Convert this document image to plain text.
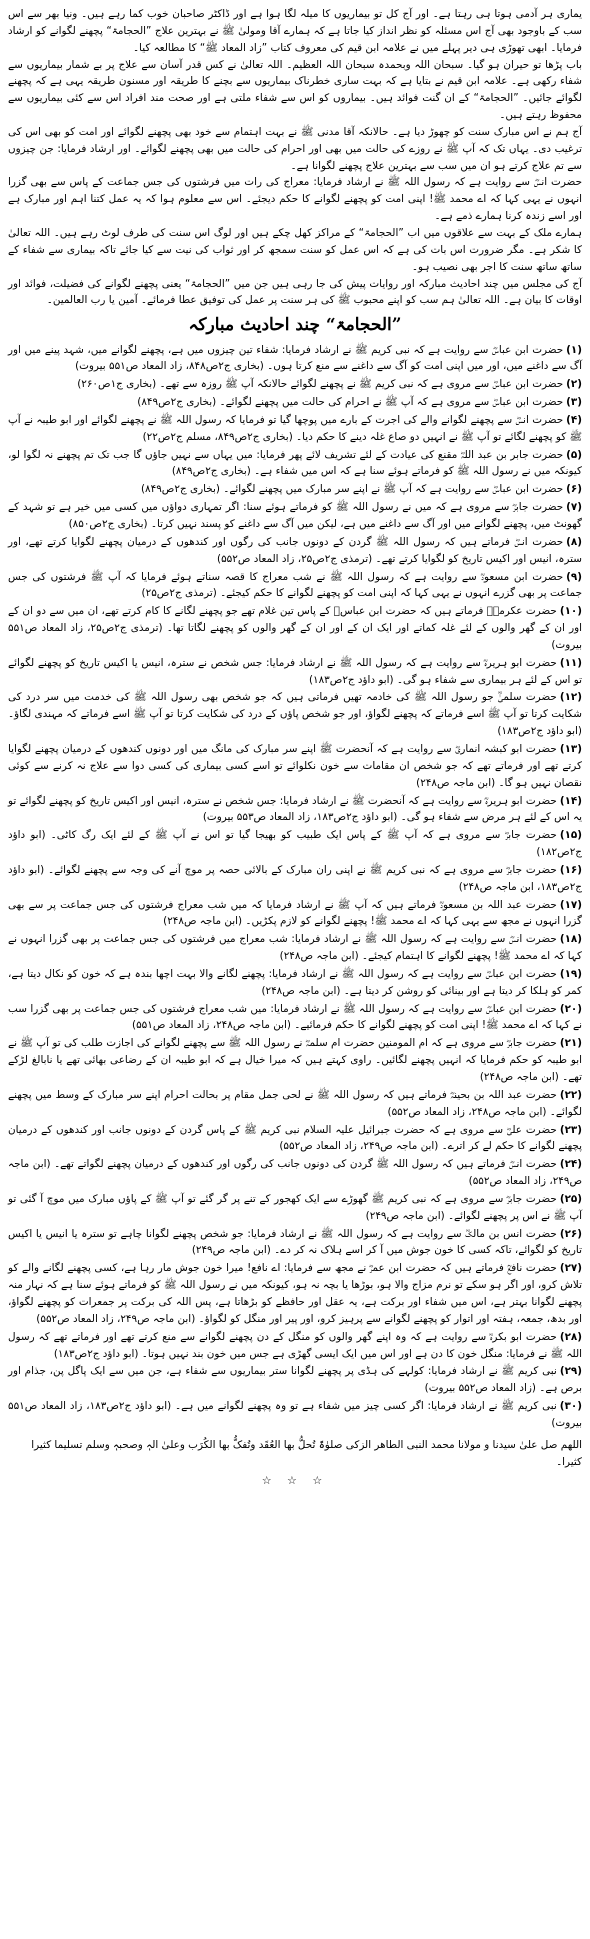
یماری ہر آدمی ہوتا ہی رہتا ہے۔ اور آج کل تو بیماریوں کا میلہ لگا ہوا ہے اور ڈاکٹر صاحبان خوب کما رہے ہیں۔ ونیا بھر سے اس سب کے باوجود بھی آج اس مسئلہ کو نظر انداز کیا جاتا ہے کہ ہمارے آقا ومولیٰ ﷺ نے بہترین علاج ”الحجامۃ“ پچھنے لگوانے کو ارشاد فرمایا۔ ابھی تھوڑی ہی دیر پہلے میں نے علامہ ابن قیم کی معروف کتاب ”زاد المعاد ﷺ“ کا مطالعہ کیا۔

باب پڑھا تو حیران ہو گیا۔ سبحان اللہ وبحمدہ سبحان اللہ العظیم۔ اللہ تعالیٰ نے کس قدر آسان سے علاج پر بے شمار بیماریوں سے شفاء رکھی ہے۔ علامہ ابن قیم نے بتایا ہے کہ بہت ساری خطرناک بیماریوں سے بچنے کا طریقہ اور مسنون طریقہ یہی ہے کہ پچھنے لگوائے جائیں۔ ”الحجامۃ“ کے ان گنت فوائد ہیں۔ بیماروں کو اس سے شفاء ملتی ہے اور صحت مند افراد اس سے کئی بیماریوں سے محفوظ رہتے ہیں۔

آج ہم نے اس مبارک سنت کو چھوڑ دیا ہے۔ حالانکہ آقا مدنی ﷺ نے بہت اہتمام سے خود بھی پچھنے لگوائے اور امت کو بھی اس کی ترغیب دی۔ یہاں تک کہ آپ ﷺ نے روزے کی حالت میں بھی اور احرام کی حالت میں بھی پچھنے لگوائے۔ اور ارشاد فرمایا: جن چیزوں سے تم علاج کرتے ہو ان میں سب سے بہترین علاج پچھنے لگوانا ہے۔

حضرت انسؓ سے روایت ہے کہ رسول اللہ ﷺ نے ارشاد فرمایا: معراج کی رات میں فرشتوں کی جس جماعت کے پاس سے بھی گزرا انہوں نے یہی کہا کہ اے محمد ﷺ! اپنی امت کو پچھنے لگوانے کا حکم دیجئے۔ اس سے معلوم ہوا کہ یہ عمل کتنا اہم اور مبارک ہے اور اسے زندہ کرنا ہمارے ذمے ہے۔

ہمارے ملک کے بہت سے علاقوں میں اب ”الحجامۃ“ کے مراکز کھل چکے ہیں اور لوگ اس سنت کی طرف لوٹ رہے ہیں۔ اللہ تعالیٰ کا شکر ہے۔ مگر ضرورت اس بات کی ہے کہ اس عمل کو سنت سمجھ کر اور ثواب کی نیت سے کیا جائے تاکہ بیماری سے شفاء کے ساتھ ساتھ سنت کا اجر بھی نصیب ہو۔

آج کی مجلس میں چند احادیث مبارکہ اور روایات پیش کی جا رہی ہیں جن میں ”الحجامۃ“ یعنی پچھنے لگوانے کی فضیلت، فوائد اور اوقات کا بیان ہے۔ اللہ تعالیٰ ہم سب کو اپنے محبوب ﷺ کی ہر سنت پر عمل کی توفیق عطا فرمائے۔ آمین یا رب العالمین۔

”الحجامۃ“ چند احادیث مبارکہ
(۱)حضرت ابن عباسؓ سے روایت ہے کہ نبی کریم ﷺ نے ارشاد فرمایا: شفاء تین چیزوں میں ہے، پچھنے لگوانے میں، شہد پینے میں اور آگ سے داغنے میں، اور میں اپنی امت کو آگ سے داغنے سے منع کرتا ہوں۔ (بخاری ج۲ص۸۴۸، زاد المعاد ص۵۵۱ بیروت)
(۲)حضرت ابن عباسؓ سے مروی ہے کہ نبی کریم ﷺ نے پچھنے لگوائے حالانکہ آپ ﷺ روزہ سے تھے۔ (بخاری ج۱ص۲۶۰)
(۳)حضرت ابن عباسؓ سے مروی ہے کہ آپ ﷺ نے احرام کی حالت میں پچھنے لگوائے۔ (بخاری ج۲ص۸۴۹)
(۴)حضرت انسؓ سے پچھنے لگوانے والے کی اجرت کے بارے میں پوچھا گیا تو فرمایا کہ رسول اللہ ﷺ نے پچھنے لگوائے اور ابو طیبہ نے آپ ﷺ کو پچھنے لگائے تو آپ ﷺ نے انہیں دو صاع غلہ دینے کا حکم دیا۔ (بخاری ج۲ص۸۴۹، مسلم ج۲ص۲۲)
(۵)حضرت جابر بن عبد اللہؓ مقنع کی عیادت کے لئے تشریف لائے پھر فرمایا: میں یہاں سے نہیں جاؤں گا جب تک تم پچھنے نہ لگوا لو، کیونکہ میں نے رسول اللہ ﷺ کو فرماتے ہوئے سنا ہے کہ اس میں شفاء ہے۔ (بخاری ج۲ص۸۴۹)
(۶)حضرت ابن عباسؓ سے روایت ہے کہ آپ ﷺ نے اپنے سر مبارک میں پچھنے لگوائے۔ (بخاری ج۲ص۸۴۹)
(۷)حضرت جابرؓ سے مروی ہے کہ میں نے رسول اللہ ﷺ کو فرماتے ہوئے سنا: اگر تمہاری دواؤں میں کسی میں خیر ہے تو شہد کے گھونٹ میں، پچھنے لگوانے میں اور آگ سے داغنے میں ہے، لیکن میں آگ سے داغنے کو پسند نہیں کرتا۔ (بخاری ج۲ص۸۵۰)
(۸)حضرت انسؓ فرماتے ہیں کہ رسول اللہ ﷺ گردن کے دونوں جانب کی رگوں اور کندھوں کے درمیان پچھنے لگوایا کرتے تھے، اور سترہ، انیس اور اکیس تاریخ کو لگوایا کرتے تھے۔ (ترمذی ج۲ص۲۵، زاد المعاد ص۵۵۲)
(۹)حضرت ابن مسعودؓ سے روایت ہے کہ رسول اللہ ﷺ نے شب معراج کا قصہ سناتے ہوئے فرمایا کہ آپ ﷺ فرشتوں کی جس جماعت پر بھی گزرے انہوں نے یہی کہا کہ اپنی امت کو پچھنے لگوانے کا حکم کیجئے۔ (ترمذی ج۲ص۲۵)
(۱۰)حضرت عکرمہؒ فرماتے ہیں کہ حضرت ابن عباسؓ کے پاس تین غلام تھے جو پچھنے لگانے کا کام کرتے تھے، ان میں سے دو ان کے اور ان کے گھر والوں کے لئے غلہ کماتے اور ایک ان کے اور ان کے گھر والوں کو پچھنے لگاتا تھا۔ (ترمذی ج۲ص۲۵، زاد المعاد ص۵۵۱ بیروت)
(۱۱)حضرت ابو ہریرہؓ سے روایت ہے کہ رسول اللہ ﷺ نے ارشاد فرمایا: جس شخص نے سترہ، انیس یا اکیس تاریخ کو پچھنے لگوائے تو اس کے لئے ہر بیماری سے شفاء ہو گی۔ (ابو داؤد ج۲ص۱۸۳)
(۱۲)حضرت سلمیٰؓ جو رسول اللہ ﷺ کی خادمہ تھیں فرماتی ہیں کہ جو شخص بھی رسول اللہ ﷺ کی خدمت میں سر درد کی شکایت کرتا تو آپ ﷺ اسے فرماتے کہ پچھنے لگواؤ، اور جو شخص پاؤں کے درد کی شکایت کرتا تو آپ ﷺ اسے فرماتے کہ مہندی لگاؤ۔ (ابو داؤد ج۲ص۱۸۳)
(۱۳)حضرت ابو کبشہ انماریؓ سے روایت ہے کہ آنحضرت ﷺ اپنے سر مبارک کی مانگ میں اور دونوں کندھوں کے درمیان پچھنے لگوایا کرتے تھے اور فرماتے تھے کہ جو شخص ان مقامات سے خون نکلوائے تو اسے کسی بیماری کی کسی دوا سے علاج نہ کرنے سے کوئی نقصان نہیں ہو گا۔ (ابن ماجہ ص۲۴۸)
(۱۴)حضرت ابو ہریرہؓ سے روایت ہے کہ آنحضرت ﷺ نے ارشاد فرمایا: جس شخص نے سترہ، انیس اور اکیس تاریخ کو پچھنے لگوائے تو یہ اس کے لئے ہر مرض سے شفاء ہو گی۔ (ابو داؤد ج۲ص۱۸۳، زاد المعاد ص۵۵۳ بیروت)
(۱۵)حضرت جابرؓ سے مروی ہے کہ آپ ﷺ کے پاس ایک طبیب کو بھیجا گیا تو اس نے آپ ﷺ کے لئے ایک رگ کاٹی۔ (ابو داؤد ج۲ص۱۸۲)
(۱۶)حضرت جابرؓ سے مروی ہے کہ نبی کریم ﷺ نے اپنی ران مبارک کے بالائی حصہ پر موچ آنے کی وجہ سے پچھنے لگوائے۔ (ابو داؤد ج۲ص۱۸۳، ابن ماجہ ص۲۴۸)
(۱۷)حضرت عبد اللہ بن مسعودؓ فرماتے ہیں کہ آپ ﷺ نے ارشاد فرمایا کہ میں شب معراج فرشتوں کی جس جماعت پر سے بھی گزرا انہوں نے مجھ سے یہی کہا کہ اے محمد ﷺ! پچھنے لگوانے کو لازم پکڑیں۔ (ابن ماجہ ص۲۴۸)
(۱۸)حضرت انسؓ سے روایت ہے کہ رسول اللہ ﷺ نے ارشاد فرمایا: شب معراج میں فرشتوں کی جس جماعت پر بھی گزرا انہوں نے کہا کہ اے محمد ﷺ! پچھنے لگوانے کا اہتمام کیجئے۔ (ابن ماجہ ص۲۴۸)
(۱۹)حضرت ابن عباسؓ سے روایت ہے کہ رسول اللہ ﷺ نے ارشاد فرمایا: پچھنے لگانے والا بہت اچھا بندہ ہے کہ خون کو نکال دیتا ہے، کمر کو ہلکا کر دیتا ہے اور بینائی کو روشن کر دیتا ہے۔ (ابن ماجہ ص۲۴۸)
(۲۰)حضرت ابن عباسؓ سے روایت ہے کہ رسول اللہ ﷺ نے ارشاد فرمایا: میں شب معراج فرشتوں کی جس جماعت پر بھی گزرا سب نے کہا کہ اے محمد ﷺ! اپنی امت کو پچھنے لگوانے کا حکم فرمائیے۔ (ابن ماجہ ص۲۴۸، زاد المعاد ص۵۵۱)
(۲۱)حضرت جابرؓ سے مروی ہے کہ ام المومنین حضرت ام سلمہؓ نے رسول اللہ ﷺ سے پچھنے لگوانے کی اجازت طلب کی تو آپ ﷺ نے ابو طیبہ کو حکم فرمایا کہ انہیں پچھنے لگائیں۔ راوی کہتے ہیں کہ میرا خیال ہے کہ ابو طیبہ ان کے رضاعی بھائی تھے یا نابالغ لڑکے تھے۔ (ابن ماجہ ص۲۴۸)
(۲۲)حضرت عبد اللہ بن بحینہؓ فرماتے ہیں کہ رسول اللہ ﷺ نے لحی جمل مقام پر بحالت احرام اپنے سر مبارک کے وسط میں پچھنے لگوائے۔ (ابن ماجہ ص۲۴۸، زاد المعاد ص۵۵۲)
(۲۳)حضرت علیؓ سے مروی ہے کہ حضرت جبرائیل علیہ السلام نبی کریم ﷺ کے پاس گردن کے دونوں جانب اور کندھوں کے درمیان پچھنے لگوانے کا حکم لے کر اترے۔ (ابن ماجہ ص۲۴۹، زاد المعاد ص۵۵۲)
(۲۴)حضرت انسؓ فرماتے ہیں کہ رسول اللہ ﷺ گردن کی دونوں جانب کی رگوں اور کندھوں کے درمیان پچھنے لگواتے تھے۔ (ابن ماجہ ص۲۴۹، زاد المعاد ص۵۵۲)
(۲۵)حضرت جابرؓ سے مروی ہے کہ نبی کریم ﷺ گھوڑے سے ایک کھجور کے تنے پر گر گئے تو آپ ﷺ کے پاؤں مبارک میں موچ آ گئی تو آپ ﷺ نے اس پر پچھنے لگوائے۔ (ابن ماجہ ص۲۴۹)
(۲۶)حضرت انس بن مالکؓ سے روایت ہے کہ رسول اللہ ﷺ نے ارشاد فرمایا: جو شخص پچھنے لگوانا چاہے تو سترہ یا انیس یا اکیس تاریخ کو لگوائے، تاکہ کسی کا خون جوش میں آ کر اسے ہلاک نہ کر دے۔ (ابن ماجہ ص۲۴۹)
(۲۷)حضرت نافعؒ فرماتے ہیں کہ حضرت ابن عمرؓ نے مجھ سے فرمایا: اے نافع! میرا خون جوش مار رہا ہے، کسی پچھنے لگانے والے کو تلاش کرو، اور اگر ہو سکے تو نرم مزاج والا ہو، بوڑھا یا بچہ نہ ہو، کیونکہ میں نے رسول اللہ ﷺ کو فرماتے ہوئے سنا ہے کہ نہار منہ پچھنے لگوانا بہتر ہے، اس میں شفاء اور برکت ہے، یہ عقل اور حافظے کو بڑھاتا ہے، پس اللہ کی برکت پر جمعرات کو پچھنے لگواؤ، اور بدھ، جمعہ، ہفتہ اور اتوار کو پچھنے لگوانے سے پرہیز کرو، اور پیر اور منگل کو لگواؤ۔ (ابن ماجہ ص۲۴۹، زاد المعاد ص۵۵۲)
(۲۸)حضرت ابو بکرہؓ سے روایت ہے کہ وہ اپنے گھر والوں کو منگل کے دن پچھنے لگوانے سے منع کرتے تھے اور فرماتے تھے کہ رسول اللہ ﷺ نے فرمایا: منگل خون کا دن ہے اور اس میں ایک ایسی گھڑی ہے جس میں خون بند نہیں ہوتا۔ (ابو داؤد ج۲ص۱۸۳)
(۲۹)نبی کریم ﷺ نے ارشاد فرمایا: کولہے کی ہڈی پر پچھنے لگوانا ستر بیماریوں سے شفاء ہے، جن میں سے ایک پاگل پن، جذام اور برص ہے۔ (زاد المعاد ص۵۵۲ بیروت)
(۳۰)نبی کریم ﷺ نے ارشاد فرمایا: اگر کسی چیز میں شفاء ہے تو وہ پچھنے لگوانے میں ہے۔ (ابو داؤد ج۲ص۱۸۳، زاد المعاد ص۵۵۱ بیروت)

اللھم صل علیٰ سیدنا و مولانا محمد النبی الطاھر الزکی صلوٰۃً تُحلُّ بھا العُقَد وتُفکُّ بھا الکُرَب وعلیٰ الہٖ وصحبہٖ وسلم تسلیما کثیرا کثیرا۔

☆ ☆ ☆
